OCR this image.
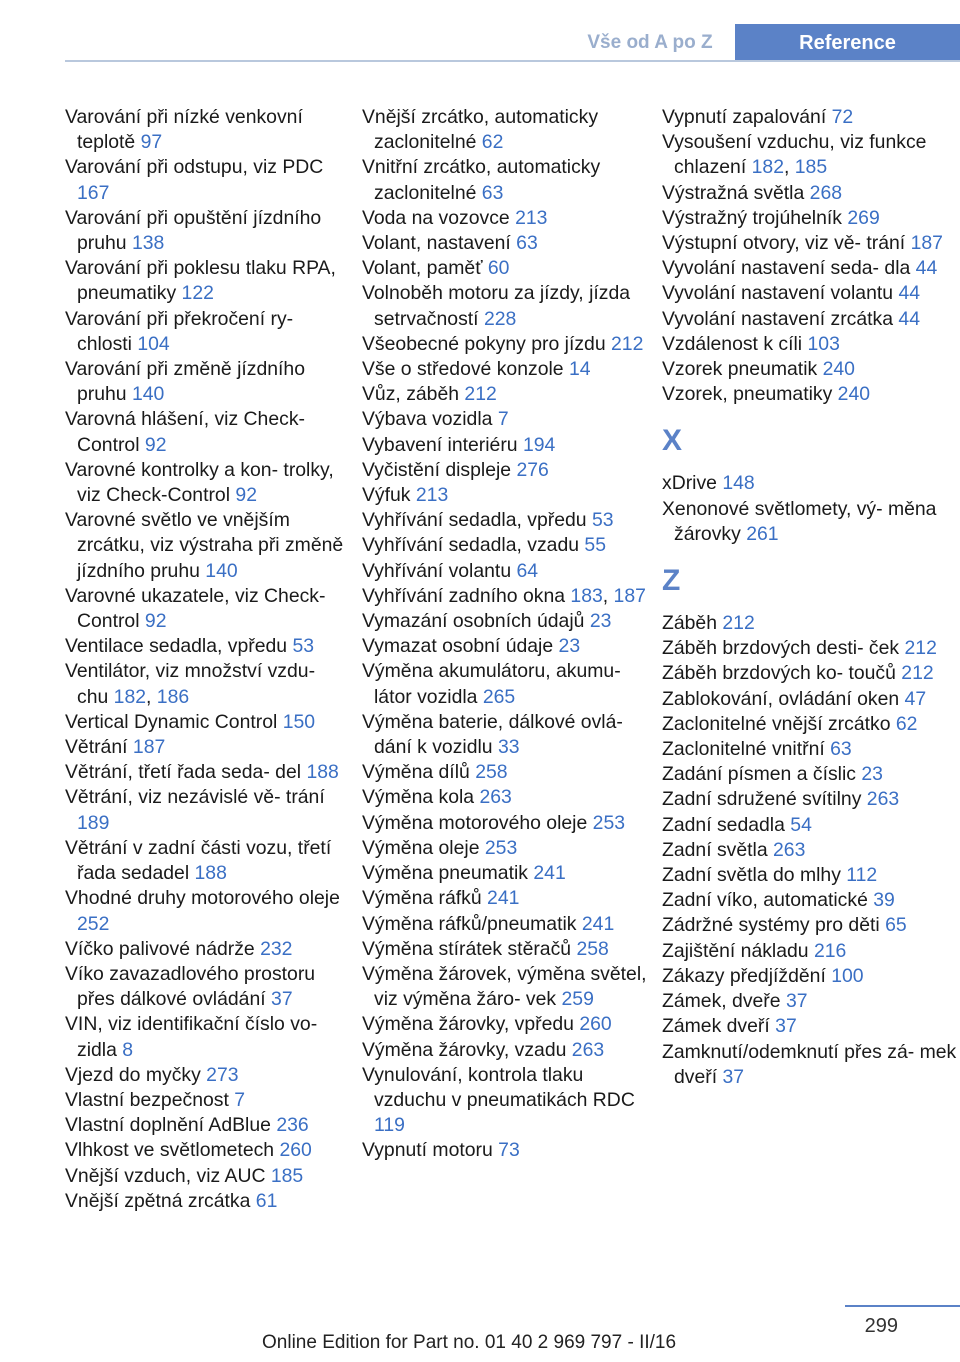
Vše od A po Z	Reference

Varování při nízké venkovní teplotě 97

Varování při odstupu, viz PDC 167

Varování při opuštění jízdního pruhu 138

Varování při poklesu tlaku RPA, pneumatiky 122

Varování při překročení ry- chlosti 104

Varování při změně jízdního pruhu 140

Varovná hlášení, viz Check- Control 92

Varovné kontrolky a kon- trolky, viz Check-Control 92

Varovné světlo ve vnějším zrcátku, viz výstraha při změně jízdního pruhu 140

Varovné ukazatele, viz Check- Control 92

Ventilace sedadla, vpředu 53

Ventilátor, viz množství vzdu- chu 182, 186

Vertical Dynamic Control 150

Větrání 187

Větrání, třetí řada seda- del 188

Větrání, viz nezávislé vě- trání 189

Větrání v zadní části vozu, třetí řada sedadel 188

Vhodné druhy motorového oleje 252

Víčko palivové nádrže 232

Víko zavazadlového prostoru přes dálkové ovládání 37

VIN, viz identifikační číslo vo- zidla 8

Vjezd do myčky 273

Vlastní bezpečnost 7

Vlastní doplnění AdBlue 236

Vlhkost ve světlometech 260

Vnější vzduch, viz AUC 185

Vnější zpětná zrcátka 61

Vnější zrcátko, automaticky zaclonitelné 62

Vnitřní zrcátko, automaticky zaclonitelné 63

Voda na vozovce 213

Volant, nastavení 63

Volant, paměť 60

Volnoběh motoru za jízdy, jízda setrvačností 228

Všeobecné pokyny pro jízdu 212

Vše o středové konzole 14

Vůz, záběh 212

Výbava vozidla 7

Vybavení interiéru 194

Vyčistění displeje 276

Výfuk 213

Vyhřívání sedadla, vpředu 53

Vyhřívání sedadla, vzadu 55

Vyhřívání volantu 64

Vyhřívání zadního okna 183, 187

Vymazání osobních údajů 23

Vymazat osobní údaje 23

Výměna akumulátoru, akumu- látor vozidla 265

Výměna baterie, dálkové ovlá- dání k vozidlu 33

Výměna dílů 258

Výměna kola 263

Výměna motorového oleje 253

Výměna oleje 253

Výměna pneumatik 241

Výměna ráfků 241

Výměna ráfků/pneumatik 241

Výměna stírátek stěračů 258

Výměna žárovek, výměna světel, viz výměna žáro- vek 259

Výměna žárovky, vpředu 260

Výměna žárovky, vzadu 263

Vynulování, kontrola tlaku vzduchu v pneumatikách RDC 119

Vypnutí motoru 73

Vypnutí zapalování 72

Vysoušení vzduchu, viz funkce chlazení 182, 185

Výstražná světla 268

Výstražný trojúhelník 269

Výstupní otvory, viz vě- trání 187

Vyvolání nastavení seda- dla 44

Vyvolání nastavení volantu 44

Vyvolání nastavení zrcátka 44

Vzdálenost k cíli 103

Vzorek pneumatik 240

Vzorek, pneumatiky 240

X

xDrive 148

Xenonové světlomety, vý- měna žárovky 261

Z

Záběh 212

Záběh brzdových desti- ček 212

Záběh brzdových ko- toučů 212

Zablokování, ovládání oken 47

Zaclonitelné vnější zrcátko 62

Zaclonitelné vnitřní 63

Zadání písmen a číslic 23

Zadní sdružené svítilny 263

Zadní sedadla 54

Zadní světla 263

Zadní světla do mlhy 112

Zadní víko, automatické 39

Zádržné systémy pro děti 65

Zajištění nákladu 216

Zákazy předjíždění 100

Zámek, dveře 37

Zámek dveří 37

Zamknutí/odemknutí přes zá- mek dveří 37

299
Online Edition for Part no. 01 40 2 969 797 - II/16
